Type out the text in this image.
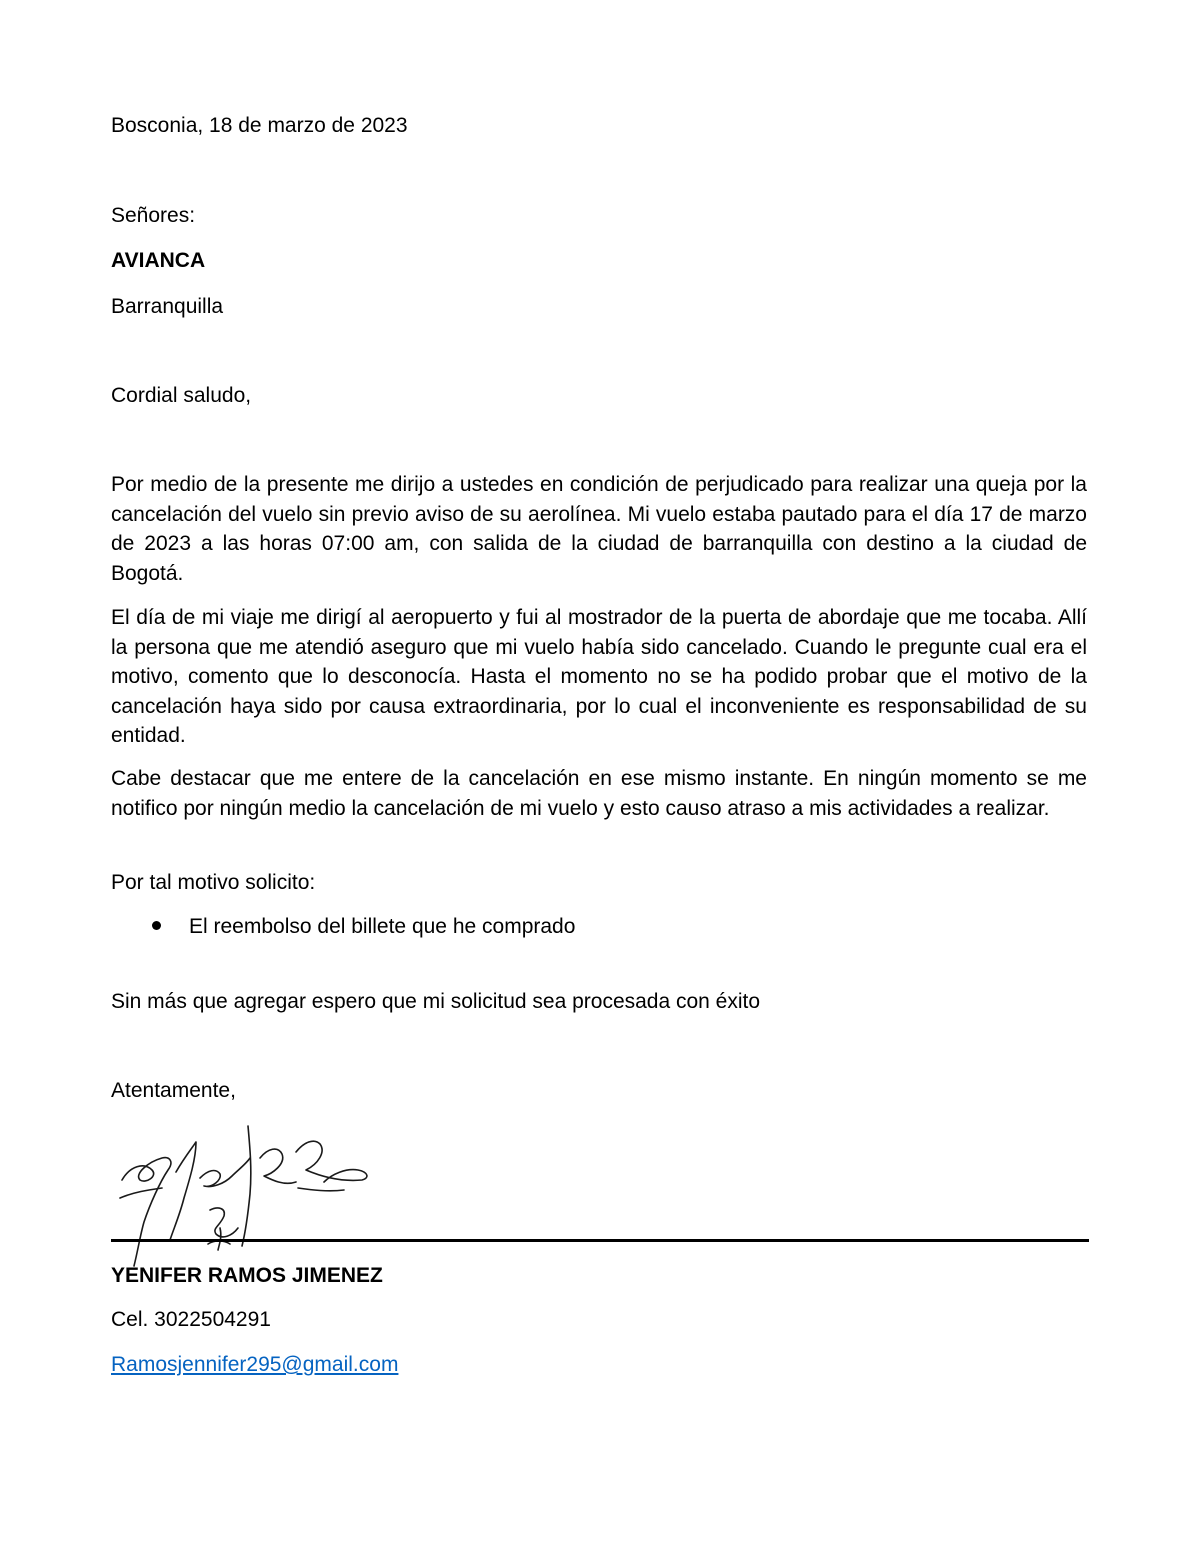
Bosconia, 18 de marzo de 2023

Señores:

AVIANCA

Barranquilla

Cordial saludo,

Por medio de la presente me dirijo a ustedes en condición de perjudicado para realizar una queja por la cancelación del vuelo sin previo aviso de su aerolínea. Mi vuelo estaba pautado para el día 17 de marzo de 2023 a las horas 07:00 am, con salida de la ciudad de barranquilla con destino a la ciudad de Bogotá.

El día de mi viaje me dirigí al aeropuerto y fui al mostrador de la puerta de abordaje que me tocaba. Allí la persona que me atendió aseguro que mi vuelo había sido cancelado. Cuando le pregunte cual era el motivo, comento que lo desconocía. Hasta el momento no se ha podido probar que el motivo de la cancelación haya sido por causa extraordinaria, por lo cual el inconveniente es responsabilidad de su entidad.

Cabe destacar que me entere de la cancelación en ese mismo instante. En ningún momento se me notifico por ningún medio la cancelación de mi vuelo y esto causo atraso a mis actividades a realizar.

Por tal motivo solicito:

El reembolso del billete que he comprado

Sin más que agregar espero que mi solicitud sea procesada con éxito

Atentamente,

YENIFER RAMOS JIMENEZ

Cel. 3022504291

Ramosjennifer295@gmail.com
